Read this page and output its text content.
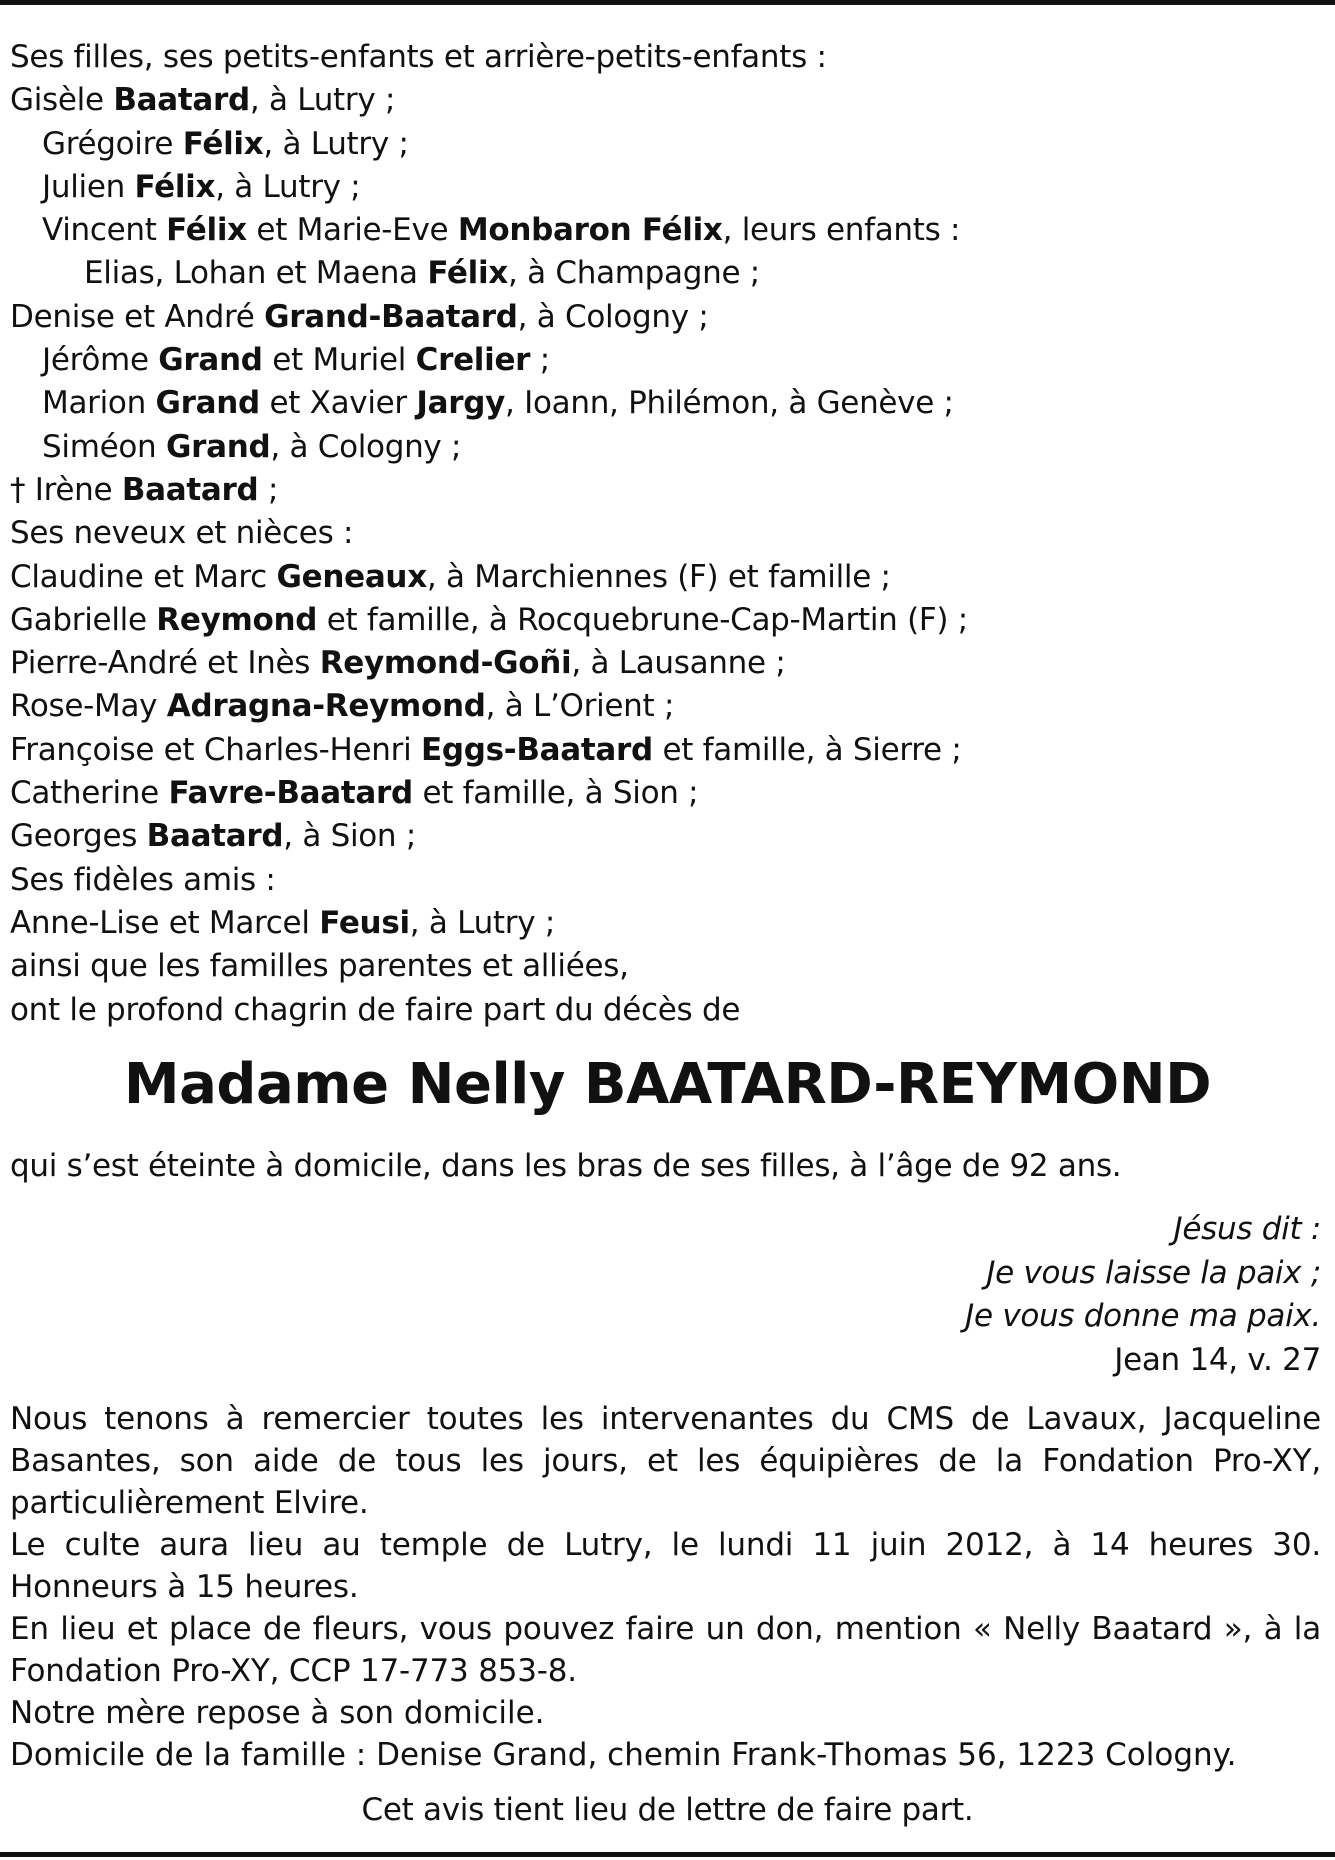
Ses filles, ses petits-enfants et arrière-petits-enfants :
Gisèle Baatard, à Lutry ;
Grégoire Félix, à Lutry ;
Julien Félix, à Lutry ;
Vincent Félix et Marie-Eve Monbaron Félix, leurs enfants :
Elias, Lohan et Maena Félix, à Champagne ;
Denise et André Grand-Baatard, à Cologny ;
Jérôme Grand et Muriel Crelier ;
Marion Grand et Xavier Jargy, Ioann, Philémon, à Genève ;
Siméon Grand, à Cologny ;
† Irène Baatard ;
Ses neveux et nièces :
Claudine et Marc Geneaux, à Marchiennes (F) et famille ;
Gabrielle Reymond et famille, à Rocquebrune-Cap-Martin (F) ;
Pierre-André et Inès Reymond-Goñi, à Lausanne ;
Rose-May Adragna-Reymond, à L’Orient ;
Françoise et Charles-Henri Eggs-Baatard et famille, à Sierre ;
Catherine Favre-Baatard et famille, à Sion ;
Georges Baatard, à Sion ;
Ses fidèles amis :
Anne-Lise et Marcel Feusi, à Lutry ;
ainsi que les familles parentes et alliées,
ont le profond chagrin de faire part du décès de
Madame Nelly BAATARD-REYMOND
qui s’est éteinte à domicile, dans les bras de ses filles, à l’âge de 92 ans.
Jésus dit :
Je vous laisse la paix ;
Je vous donne ma paix.
Jean 14, v. 27
Nous tenons à remercier toutes les intervenantes du CMS de Lavaux, Jacqueline Basantes, son aide de tous les jours, et les équipières de la Fondation Pro-XY, particulièrement Elvire.
Le culte aura lieu au temple de Lutry, le lundi 11 juin 2012, à 14 heures 30. Honneurs à 15 heures.
En lieu et place de fleurs, vous pouvez faire un don, mention « Nelly Baatard », à la Fondation Pro-XY, CCP 17-773 853-8.
Notre mère repose à son domicile.
Domicile de la famille : Denise Grand, chemin Frank-Thomas 56, 1223 Cologny.
Cet avis tient lieu de lettre de faire part.
